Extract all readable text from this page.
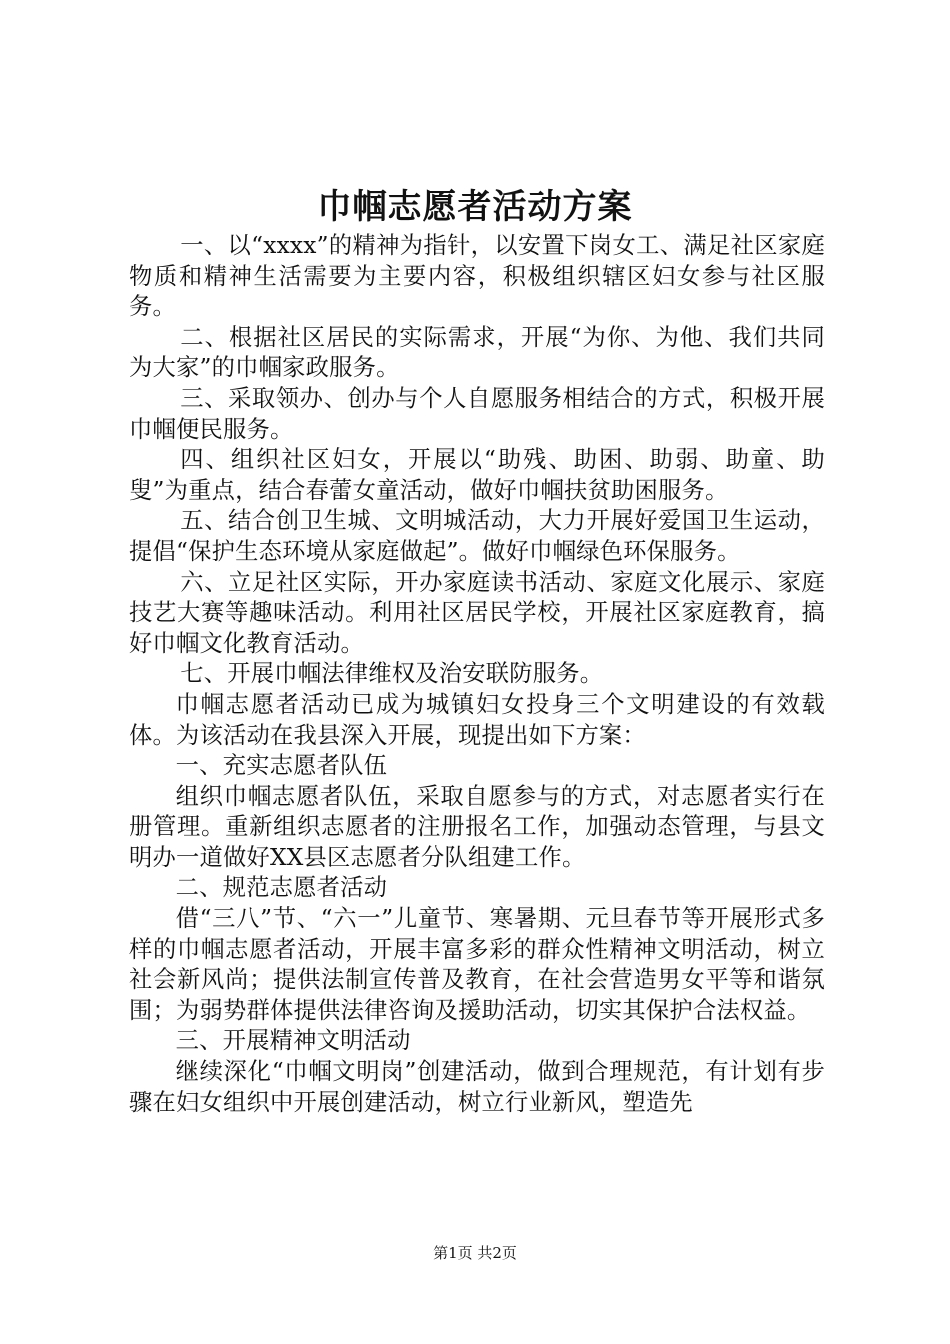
巾帼志愿者活动方案

一、以“xxxx”的精神为指针，以安置下岗女工、满足社区家庭物质和精神生活需要为主要内容，积极组织辖区妇女参与社区服务。

二、根据社区居民的实际需求，开展“为你、为他、我们共同为大家”的巾帼家政服务。

三、采取领办、创办与个人自愿服务相结合的方式，积极开展巾帼便民服务。

四、组织社区妇女，开展以“助残、助困、助弱、助童、助叟”为重点，结合春蕾女童活动，做好巾帼扶贫助困服务。

五、结合创卫生城、文明城活动，大力开展好爱国卫生运动，提倡“保护生态环境从家庭做起”。做好巾帼绿色环保服务。

六、立足社区实际，开办家庭读书活动、家庭文化展示、家庭技艺大赛等趣味活动。利用社区居民学校，开展社区家庭教育，搞好巾帼文化教育活动。

七、开展巾帼法律维权及治安联防服务。

巾帼志愿者活动已成为城镇妇女投身三个文明建设的有效载体。为该活动在我县深入开展，现提出如下方案：

一、充实志愿者队伍

组织巾帼志愿者队伍，采取自愿参与的方式，对志愿者实行在册管理。重新组织志愿者的注册报名工作，加强动态管理，与县文明办一道做好XX县区志愿者分队组建工作。

二、规范志愿者活动

借“三八”节、“六一”儿童节、寒暑期、元旦春节等开展形式多样的巾帼志愿者活动，开展丰富多彩的群众性精神文明活动，树立社会新风尚；提供法制宣传普及教育，在社会营造男女平等和谐氛围；为弱势群体提供法律咨询及援助活动，切实其保护合法权益。

三、开展精神文明活动

继续深化“巾帼文明岗”创建活动，做到合理规范，有计划有步骤在妇女组织中开展创建活动，树立行业新风，塑造先

第1页 共2页
